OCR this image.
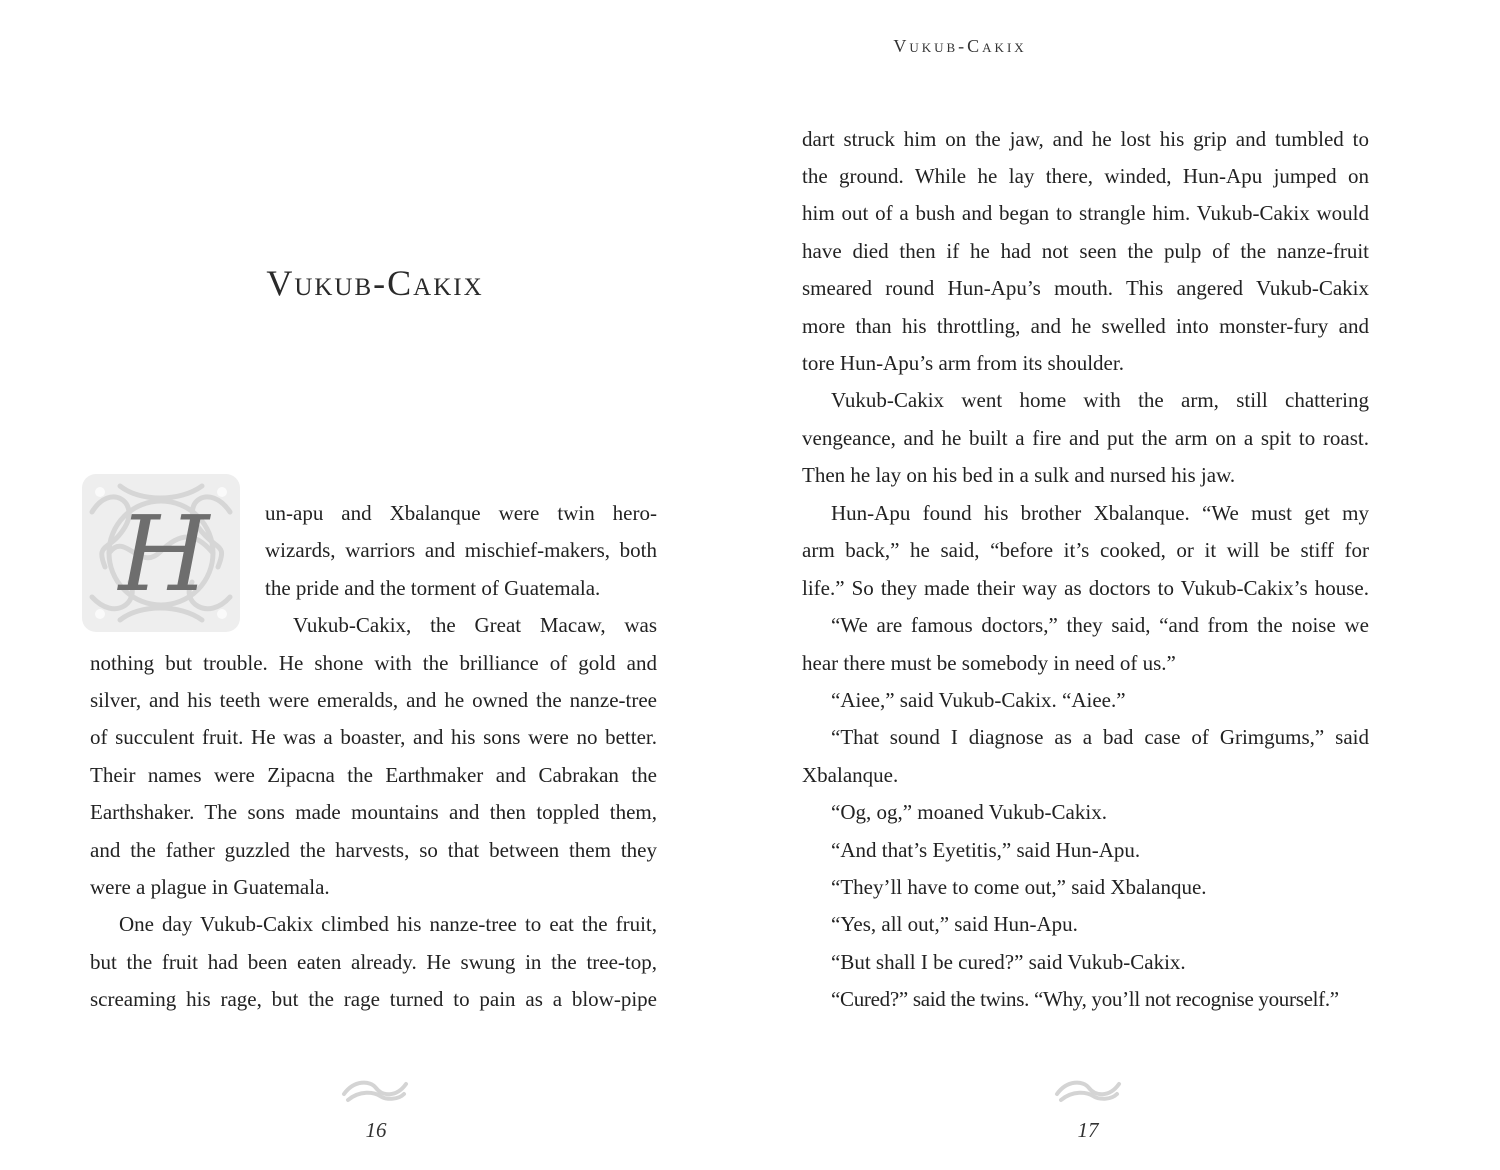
Vukub-Cakix
H	un-apu and Xbalanque were twin hero-
wizards, warriors and mischief-makers, both
the pride and the torment of Guatemala.
Vukub-Cakix, the Great Macaw, was
nothing but trouble. He shone with the brilliance of gold and
silver, and his teeth were emeralds, and he owned the nanze-tree
of succulent fruit. He was a boaster, and his sons were no better.
Their names were Zipacna the Earthmaker and Cabrakan the
Earthshaker. The sons made mountains and then toppled them,
and the father guzzled the harvests, so that between them they
were a plague in Guatemala.
One day Vukub-Cakix climbed his nanze-tree to eat the fruit,
but the fruit had been eaten already. He swung in the tree-top,
screaming his rage, but the rage turned to pain as a blow-pipe
16
Vukub-Cakix
dart struck him on the jaw, and he lost his grip and tumbled to
the ground. While he lay there, winded, Hun-Apu jumped on
him out of a bush and began to strangle him. Vukub-Cakix would
have died then if he had not seen the pulp of the nanze-fruit
smeared round Hun-Apu’s mouth. This angered Vukub-Cakix
more than his throttling, and he swelled into monster-fury and
tore Hun-Apu’s arm from its shoulder.
Vukub-Cakix went home with the arm, still chattering
vengeance, and he built a fire and put the arm on a spit to roast.
Then he lay on his bed in a sulk and nursed his jaw.
Hun-Apu found his brother Xbalanque. “We must get my
arm back,” he said, “before it’s cooked, or it will be stiff for
life.” So they made their way as doctors to Vukub-Cakix’s house.
“We are famous doctors,” they said, “and from the noise we
hear there must be somebody in need of us.”
“Aiee,” said Vukub-Cakix. “Aiee.”
“That sound I diagnose as a bad case of Grimgums,” said
Xbalanque.
“Og, og,” moaned Vukub-Cakix.
“And that’s Eyetitis,” said Hun-Apu.
“They’ll have to come out,” said Xbalanque.
“Yes, all out,” said Hun-Apu.
“But shall I be cured?” said Vukub-Cakix.
“Cured?” said the twins. “Why, you’ll not recognise yourself.”
17
